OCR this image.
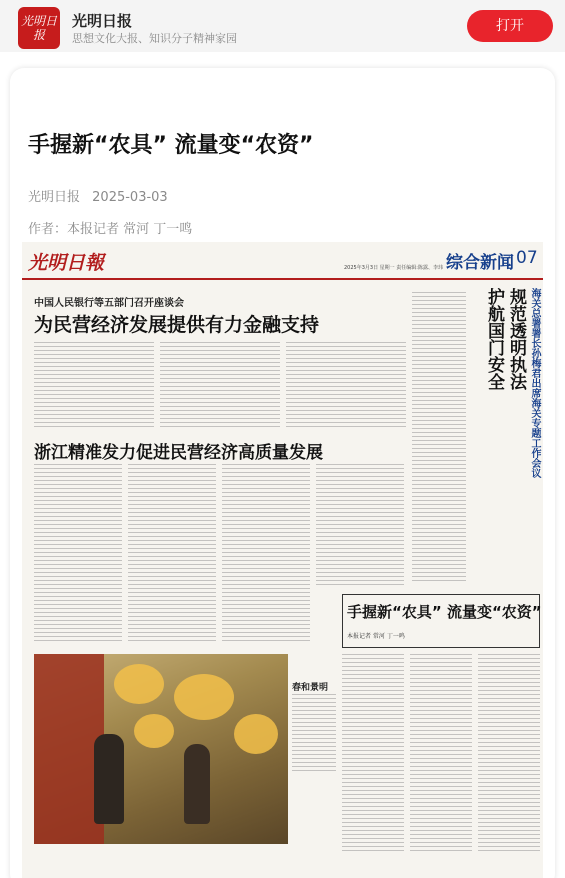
光明日报
光明日报
思想文化大报、知识分子精神家园
打开
手握新“农具” 流量变“农资”
光明日报 2025-03-03
作者：本报记者 常河 丁一鸣
光明日報	2025年3月3日 星期一 责任编辑:陈露、李玮 综合新闻 07
中国人民银行等五部门召开座谈会
为民营经济发展提供有力金融支持
浙江精准发力促进民营经济高质量发展	海关总署署长孙梅君出席海关专题工作会议
规范透明执法
护航国门安全
手握新“农具” 流量变“农资”
本报记者 常河 丁一鸣
春和景明
